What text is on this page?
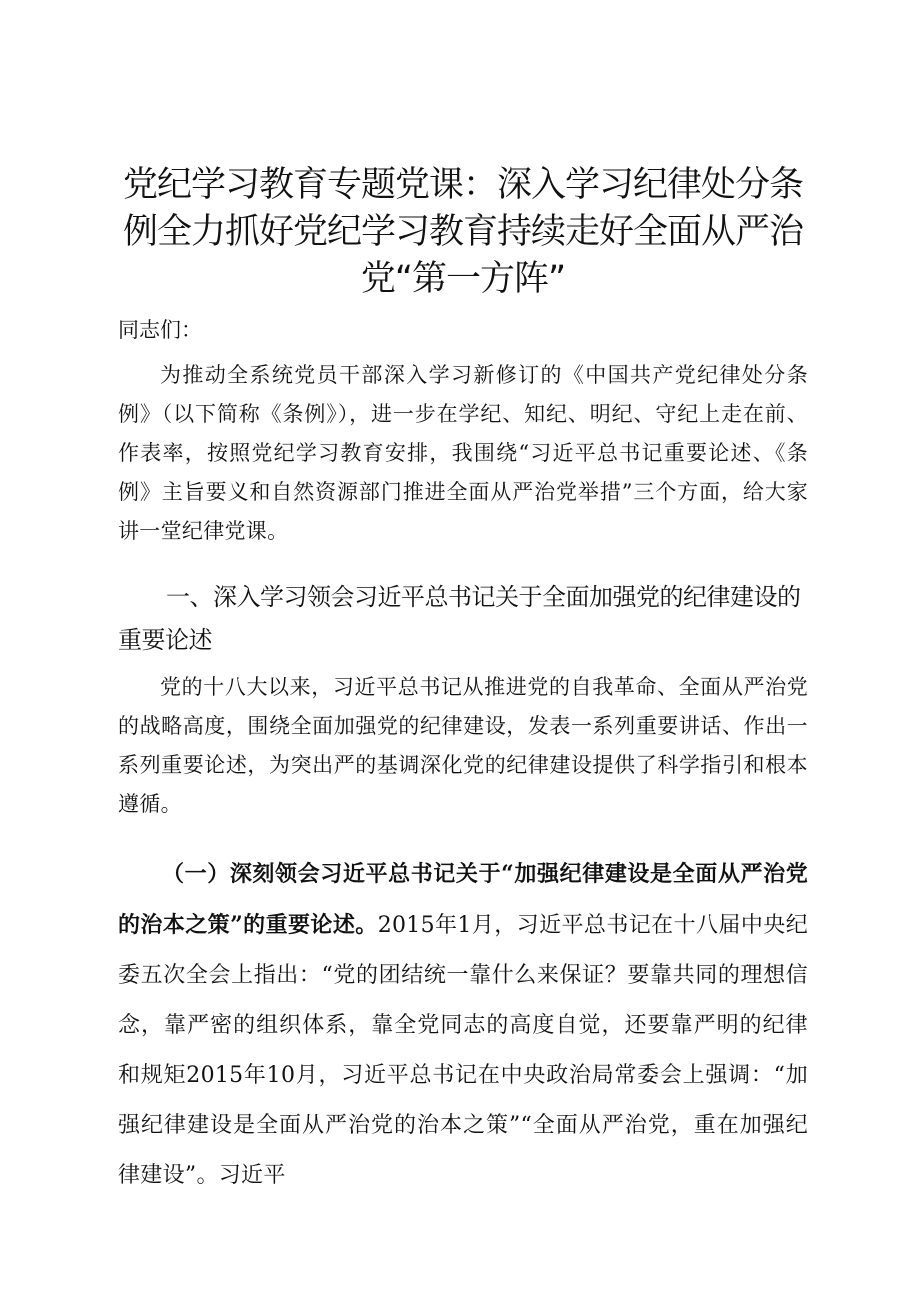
党纪学习教育专题党课：深入学习纪律处分条例全力抓好党纪学习教育持续走好全面从严治党“第一方阵”

同志们：

为推动全系统党员干部深入学习新修订的《中国共产党纪律处分条例》（以下简称《条例》），进一步在学纪、知纪、明纪、守纪上走在前、作表率，按照党纪学习教育安排，我围绕“习近平总书记重要论述、《条例》主旨要义和自然资源部门推进全面从严治党举措”三个方面，给大家讲一堂纪律党课。

一、深入学习领会习近平总书记关于全面加强党的纪律建设的重要论述

党的十八大以来，习近平总书记从推进党的自我革命、全面从严治党的战略高度，围绕全面加强党的纪律建设，发表一系列重要讲话、作出一系列重要论述，为突出严的基调深化党的纪律建设提供了科学指引和根本遵循。

（一）深刻领会习近平总书记关于“加强纪律建设是全面从严治党的治本之策”的重要论述。2015年1月，习近平总书记在十八届中央纪委五次全会上指出：“党的团结统一靠什么来保证？要靠共同的理想信念，靠严密的组织体系，靠全党同志的高度自觉，还要靠严明的纪律和规矩2015年10月，习近平总书记在中央政治局常委会上强调：“加强纪律建设是全面从严治党的治本之策”“全面从严治党，重在加强纪律建设”。习近平
